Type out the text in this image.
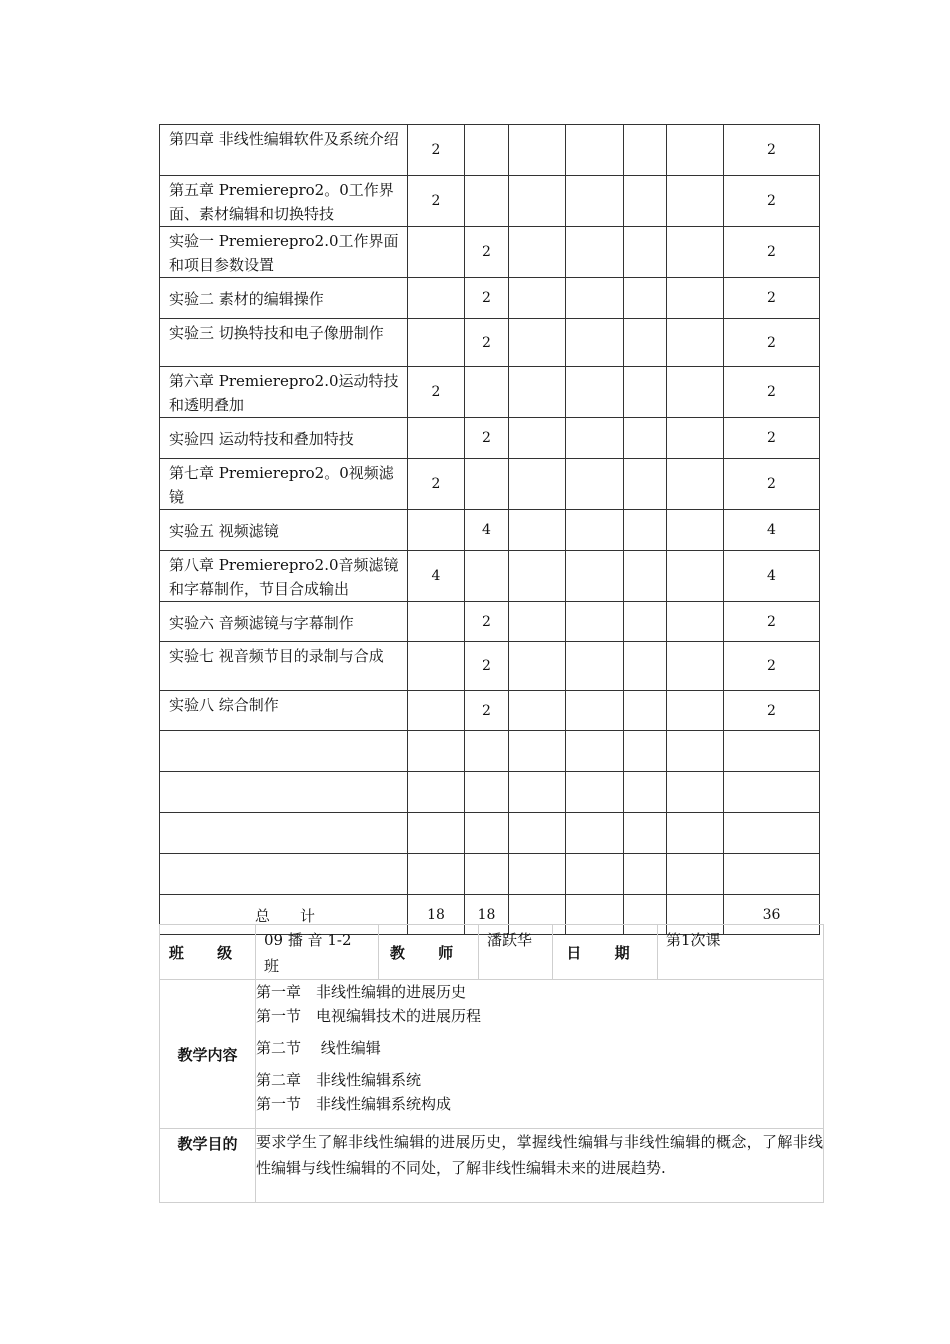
第四章 非线性编辑软件及系统介绍	2						2
第五章 Premierepro2。0工作界面、素材编辑和切换特技	2						2
实验一 Premierepro2.0工作界面和项目参数设置		2					2
实验二 素材的编辑操作		2					2
实验三 切换特技和电子像册制作		2					2
第六章 Premierepro2.0运动特技和透明叠加	2						2
实验四 运动特技和叠加特技		2					2
第七章 Premierepro2。0视频滤镜	2						2
实验五 视频滤镜		4					4
第八章 Premierepro2.0音频滤镜和字幕制作，节目合成输出	4						4
实验六 音频滤镜与字幕制作		2					2
实验七 视音频节目的录制与合成		2					2
实验八 综合制作		2					2

总　　计	18	18					36
班 级	09 播 音 1-2 班	教 师	潘跃华	日 期	第1次课
教学内容	第一章　非线性编辑的进展历史
第一节　电视编辑技术的进展历程
第二节　 线性编辑
第二章　非线性编辑系统
第一节　非线性编辑系统构成				

教学目的	要求学生了解非线性编辑的进展历史，掌握线性编辑与非线性编辑的概念，了解非线性编辑与线性编辑的不同处，了解非线性编辑未来的进展趋势.				
